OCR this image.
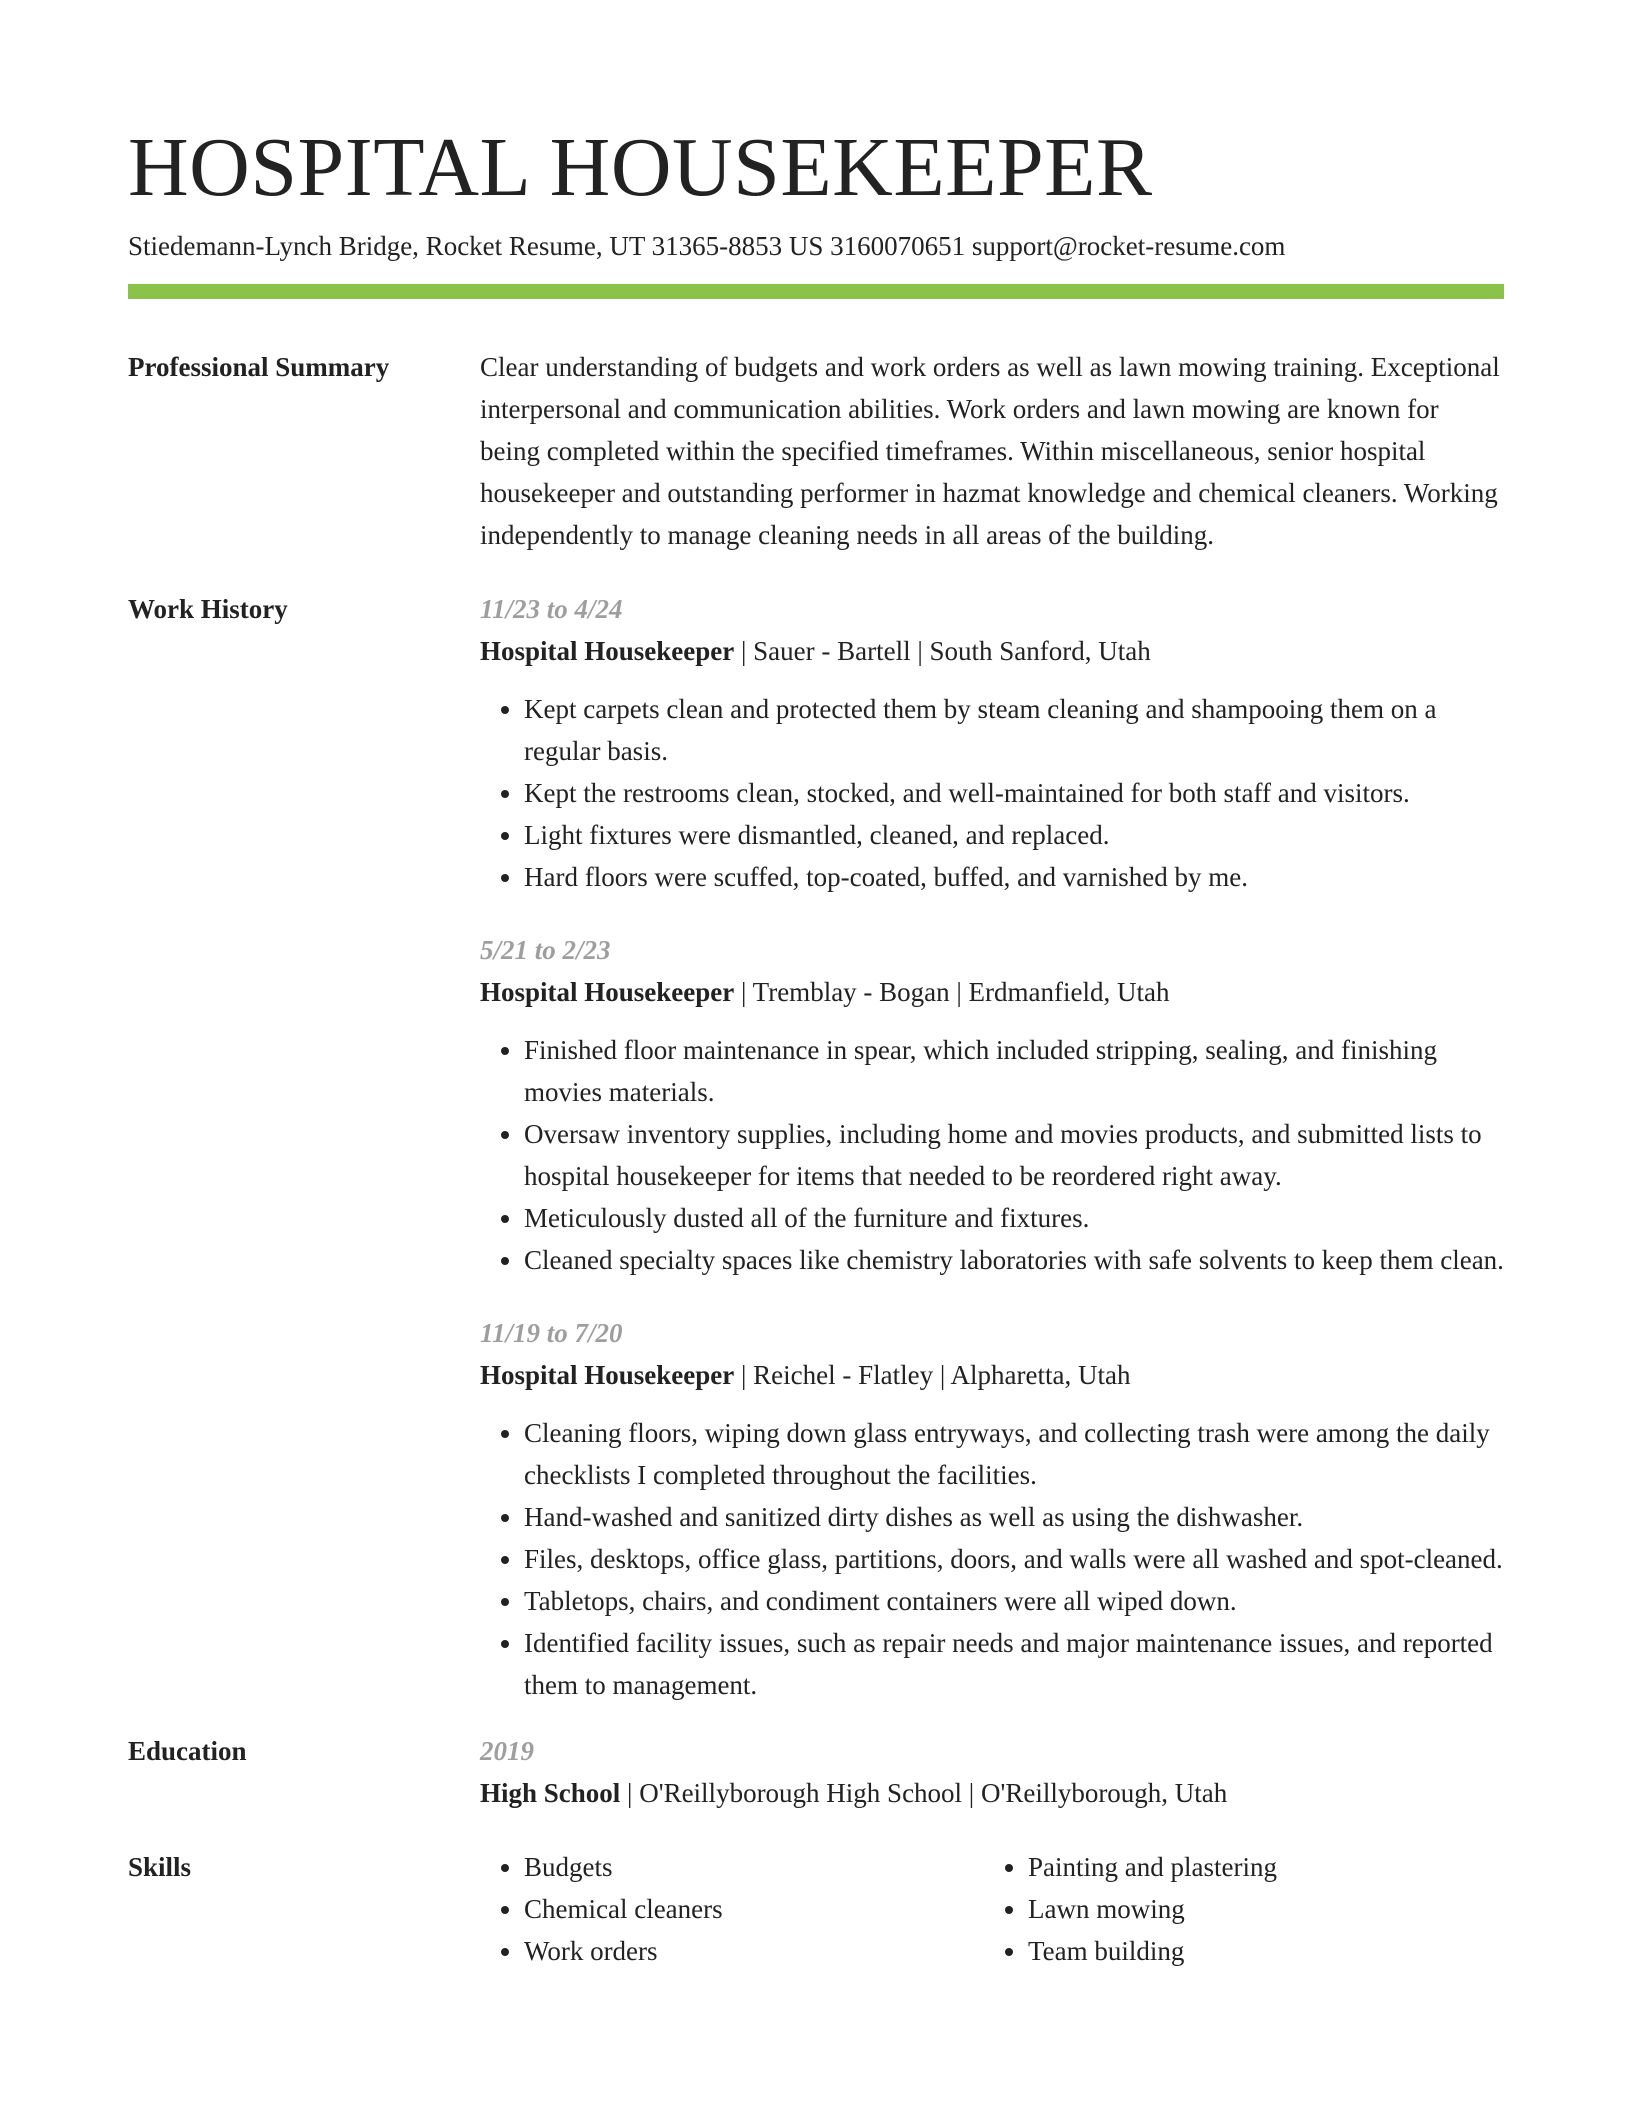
HOSPITAL HOUSEKEEPER
Stiedemann-Lynch Bridge, Rocket Resume, UT 31365-8853 US 3160070651 support@rocket-resume.com
Professional Summary	Clear understanding of budgets and work orders as well as lawn mowing training. Exceptional interpersonal and communication abilities. Work orders and lawn mowing are known for being completed within the specified timeframes. Within miscellaneous, senior hospital housekeeper and outstanding performer in hazmat knowledge and chemical cleaners. Working independently to manage cleaning needs in all areas of the building.
Work History	11/23 to 4/24
Hospital Housekeeper | Sauer - Bartell | South Sanford, Utah
• Kept carpets clean and protected them by steam cleaning and shampooing them on a regular basis.
• Kept the restrooms clean, stocked, and well-maintained for both staff and visitors.
• Light fixtures were dismantled, cleaned, and replaced.
• Hard floors were scuffed, top-coated, buffed, and varnished by me.
5/21 to 2/23
Hospital Housekeeper | Tremblay - Bogan | Erdmanfield, Utah
• Finished floor maintenance in spear, which included stripping, sealing, and finishing movies materials.
• Oversaw inventory supplies, including home and movies products, and submitted lists to hospital housekeeper for items that needed to be reordered right away.
• Meticulously dusted all of the furniture and fixtures.
• Cleaned specialty spaces like chemistry laboratories with safe solvents to keep them clean.
11/19 to 7/20
Hospital Housekeeper | Reichel - Flatley | Alpharetta, Utah
• Cleaning floors, wiping down glass entryways, and collecting trash were among the daily checklists I completed throughout the facilities.
• Hand-washed and sanitized dirty dishes as well as using the dishwasher.
• Files, desktops, office glass, partitions, doors, and walls were all washed and spot-cleaned.
• Tabletops, chairs, and condiment containers were all wiped down.
• Identified facility issues, such as repair needs and major maintenance issues, and reported them to management.
Education	2019
High School | O'Reillyborough High School | O'Reillyborough, Utah
Skills
•	Budgets
• Chemical cleaners
• Work orders
• Painting and plastering
• Lawn mowing
• Team building
